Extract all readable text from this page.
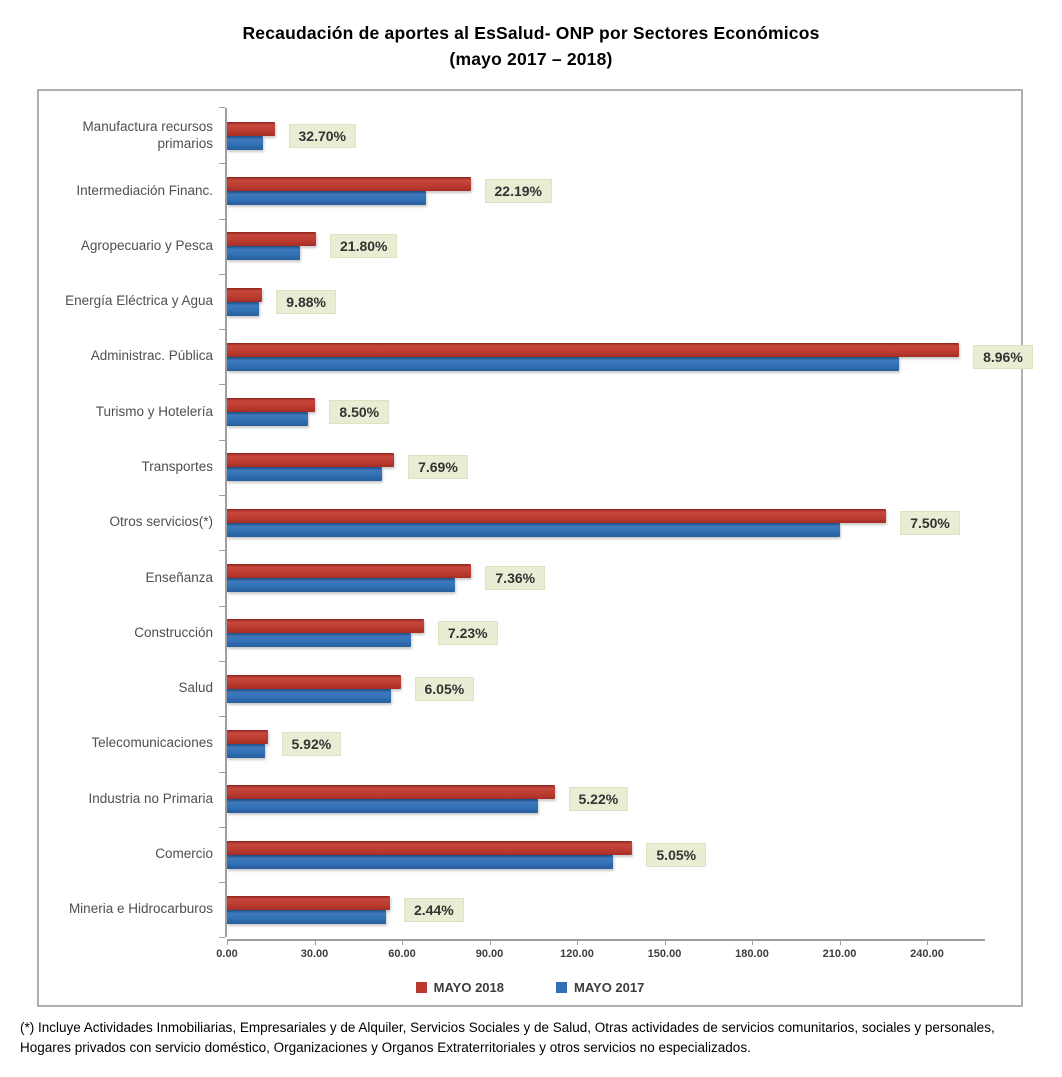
Recaudación de aportes al EsSalud- ONP por Sectores Económicos
(mayo 2017 – 2018)
Manufactura recursos primarios	32.70%
Intermediación Financ.	22.19%
Agropecuario y Pesca	21.80%
Energía Eléctrica y Agua	9.88%
Administrac. Pública	8.96%
Turismo y Hotelería	8.50%
Transportes	7.69%
Otros servicios(*)	7.50%
Enseñanza	7.36%
Construcción	7.23%
Salud	6.05%
Telecomunicaciones	5.92%
Industria no Primaria	5.22%
Comercio	5.05%
Mineria e Hidrocarburos	2.44%
MAYO 2018	MAYO 2017
0.00	30.00	60.00	90.00	120.00	150.00	180.00	210.00	240.00
(*) Incluye Actividades Inmobiliarias, Empresariales y de Alquiler, Servicios Sociales y de Salud, Otras actividades de servicios comunitarios, sociales y personales, Hogares privados con servicio doméstico, Organizaciones y Organos Extraterritoriales y otros servicios no especializados.
